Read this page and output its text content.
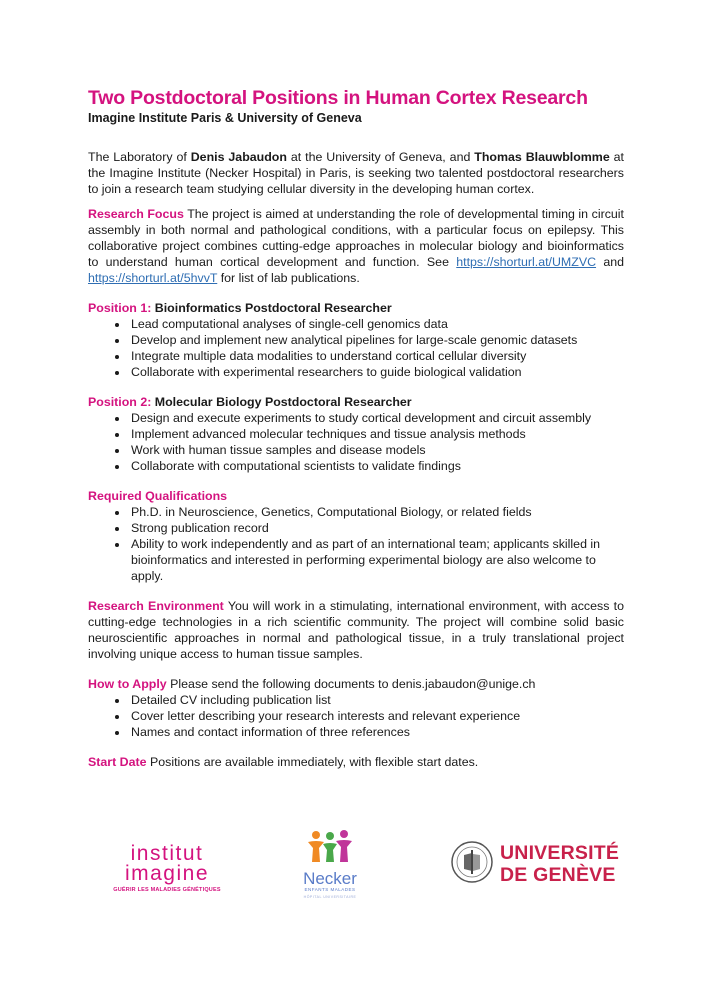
Two Postdoctoral Positions in Human Cortex Research
Imagine Institute Paris & University of Geneva

The Laboratory of Denis Jabaudon at the University of Geneva, and Thomas Blauwblomme at the Imagine Institute (Necker Hospital) in Paris, is seeking two talented postdoctoral researchers to join a research team studying cellular diversity in the developing human cortex.

Research Focus The project is aimed at understanding the role of developmental timing in circuit assembly in both normal and pathological conditions, with a particular focus on epilepsy. This collaborative project combines cutting-edge approaches in molecular biology and bioinformatics to understand human cortical development and function. See https://shorturl.at/UMZVC and https://shorturl.at/5hvvT for list of lab publications.

Position 1: Bioinformatics Postdoctoral Researcher
• Lead computational analyses of single-cell genomics data
• Develop and implement new analytical pipelines for large-scale genomic datasets
• Integrate multiple data modalities to understand cortical cellular diversity
• Collaborate with experimental researchers to guide biological validation
Position 2: Molecular Biology Postdoctoral Researcher
• Design and execute experiments to study cortical development and circuit assembly
• Implement advanced molecular techniques and tissue analysis methods
• Work with human tissue samples and disease models
• Collaborate with computational scientists to validate findings
Required Qualifications
• Ph.D. in Neuroscience, Genetics, Computational Biology, or related fields
• Strong publication record
• Ability to work independently and as part of an international team; applicants skilled in bioinformatics and interested in performing experimental biology are also welcome to apply.

Research Environment You will work in a stimulating, international environment, with access to cutting-edge technologies in a rich scientific community. The project will combine solid basic neuroscientific approaches in normal and pathological tissue, in a truly translational project involving unique access to human tissue samples.

How to Apply Please send the following documents to denis.jabaudon@unige.ch
• Detailed CV including publication list
• Cover letter describing your research interests and relevant experience
• Names and contact information of three references

Start Date Positions are available immediately, with flexible start dates.

institut
imagine
GUÉRIR LES MALADIES GÉNÉTIQUES
Necker
ENFANTS MALADES
HÔPITAL UNIVERSITAIRE
UNIVERSITÉ
DE GENÈVE
